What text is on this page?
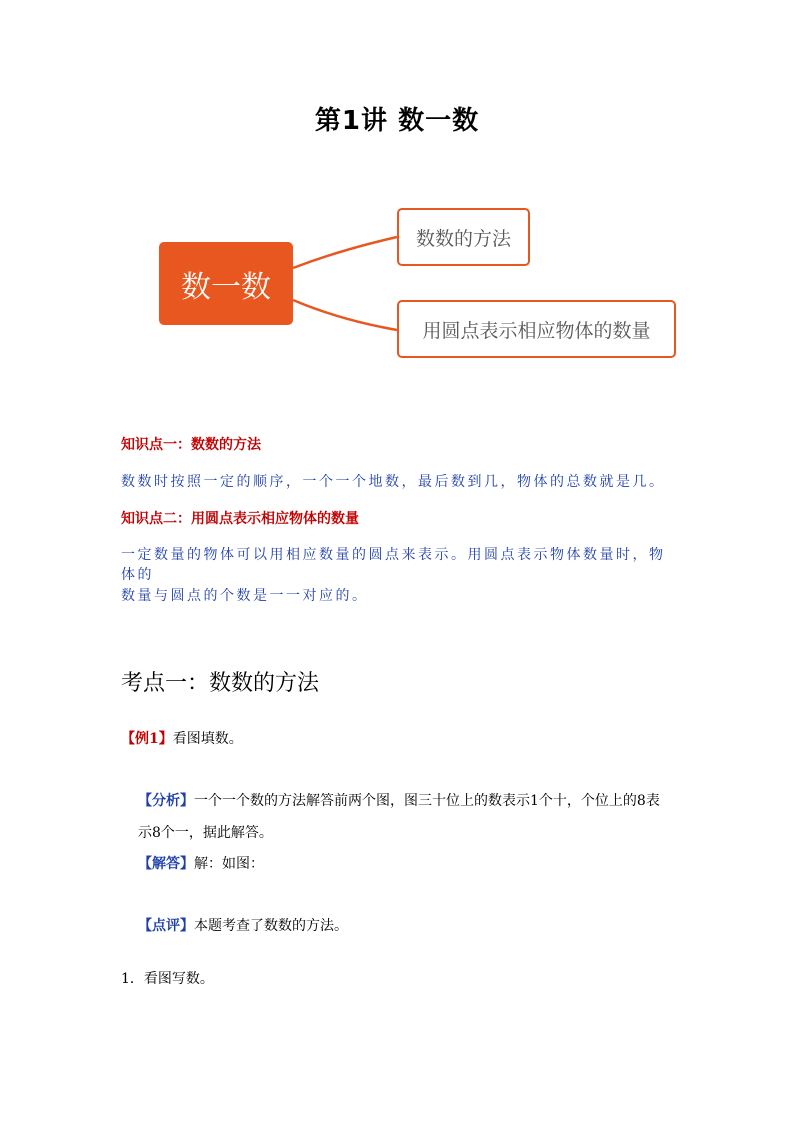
第1讲 数一数
数一数
数数的方法
用圆点表示相应物体的数量
知识点一：数数的方法
数数时按照一定的顺序，一个一个地数，最后数到几，物体的总数就是几。
知识点二：用圆点表示相应物体的数量
一定数量的物体可以用相应数量的圆点来表示。用圆点表示物体数量时，物体的
数量与圆点的个数是一一对应的。
考点一：数数的方法
【例1】看图填数。
【分析】一个一个数的方法解答前两个图，图三十位上的数表示1个十，个位上的8表
示8个一，据此解答。
【解答】解：如图：
【点评】本题考查了数数的方法。
1．看图写数。
